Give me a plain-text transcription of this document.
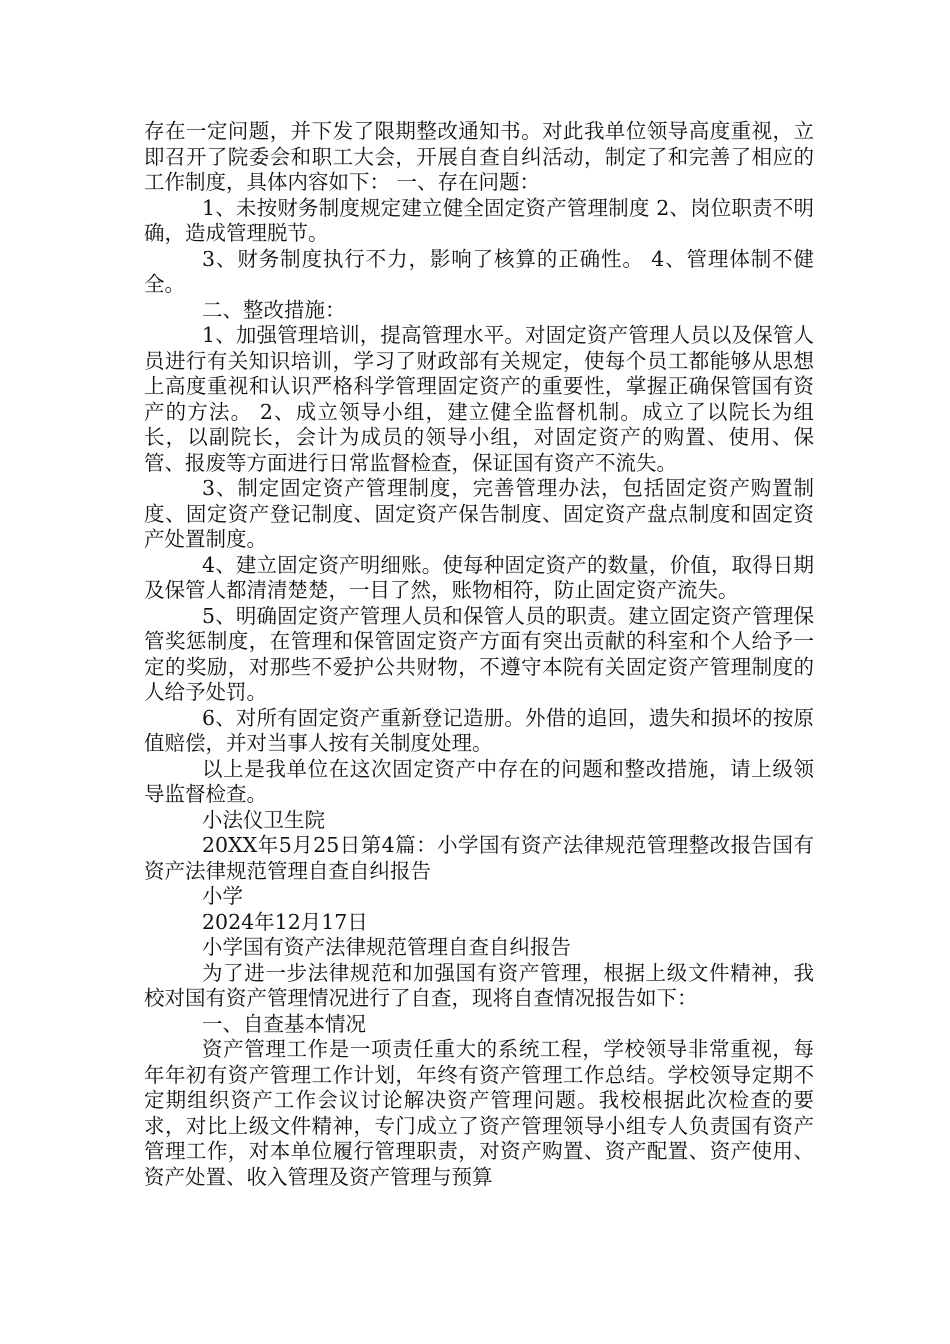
存在一定问题，并下发了限期整改通知书。对此我单位领导高度重视，立即召开了院委会和职工大会，开展自查自纠活动，制定了和完善了相应的工作制度，具体内容如下： 一、存在问题：

1、未按财务制度规定建立健全固定资产管理制度 2、岗位职责不明确，造成管理脱节。

3、财务制度执行不力，影响了核算的正确性。 4、管理体制不健全。

二、整改措施：

1、加强管理培训，提高管理水平。对固定资产管理人员以及保管人员进行有关知识培训，学习了财政部有关规定，使每个员工都能够从思想上高度重视和认识严格科学管理固定资产的重要性，掌握正确保管国有资产的方法。 2、成立领导小组，建立健全监督机制。成立了以院长为组长，以副院长，会计为成员的领导小组，对固定资产的购置、使用、保管、报废等方面进行日常监督检查，保证国有资产不流失。

3、制定固定资产管理制度，完善管理办法，包括固定资产购置制度、固定资产登记制度、固定资产保告制度、固定资产盘点制度和固定资产处置制度。

4、建立固定资产明细账。使每种固定资产的数量，价值，取得日期及保管人都清清楚楚，一目了然，账物相符，防止固定资产流失。

5、明确固定资产管理人员和保管人员的职责。建立固定资产管理保管奖惩制度，在管理和保管固定资产方面有突出贡献的科室和个人给予一定的奖励，对那些不爱护公共财物，不遵守本院有关固定资产管理制度的人给予处罚。

6、对所有固定资产重新登记造册。外借的追回，遗失和损坏的按原值赔偿，并对当事人按有关制度处理。

以上是我单位在这次固定资产中存在的问题和整改措施，请上级领导监督检查。

小法仪卫生院

20XX年5月25日第4篇：小学国有资产法律规范管理整改报告国有资产法律规范管理自查自纠报告

小学

2024年12月17日

小学国有资产法律规范管理自查自纠报告

为了进一步法律规范和加强国有资产管理，根据上级文件精神，我校对国有资产管理情况进行了自查，现将自查情况报告如下：

一、自查基本情况

资产管理工作是一项责任重大的系统工程，学校领导非常重视，每年年初有资产管理工作计划，年终有资产管理工作总结。学校领导定期不定期组织资产工作会议讨论解决资产管理问题。我校根据此次检查的要求，对比上级文件精神，专门成立了资产管理领导小组专人负责国有资产管理工作，对本单位履行管理职责，对资产购置、资产配置、资产使用、资产处置、收入管理及资产管理与预算
